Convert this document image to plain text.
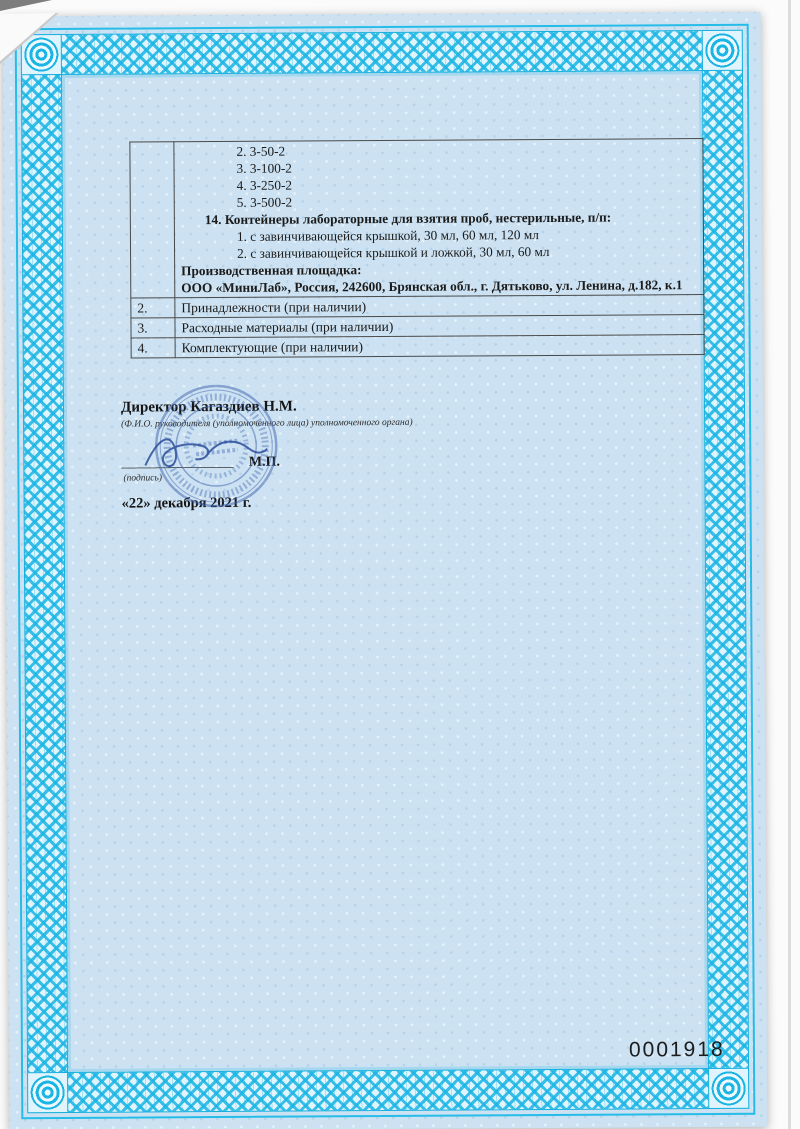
2. 3-50-2
3. 3-100-2
4. 3-250-2
5. 3-500-2
14. Контейнеры лабораторные для взятия проб, нестерильные, п/п:
1. с завинчивающейся крышкой, 30 мл, 60 мл, 120 мл
2. с завинчивающейся крышкой и ложкой, 30 мл, 60 мл
Производственная площадка:
ООО «МиниЛаб», Россия, 242600, Брянская обл., г. Дятьково, ул. Ленина, д.182, к.1

2.	Принадлежности (при наличии)
3.	Расходные материалы (при наличии)
4.	Комплектующие (при наличии)
Директор Кагаздиев Н.М.
(Ф.И.О. руководителя (уполномоченного лица) уполномоченного органа)
________________ М.П.
(подпись)
«22» декабря 2021 г.
0001918
